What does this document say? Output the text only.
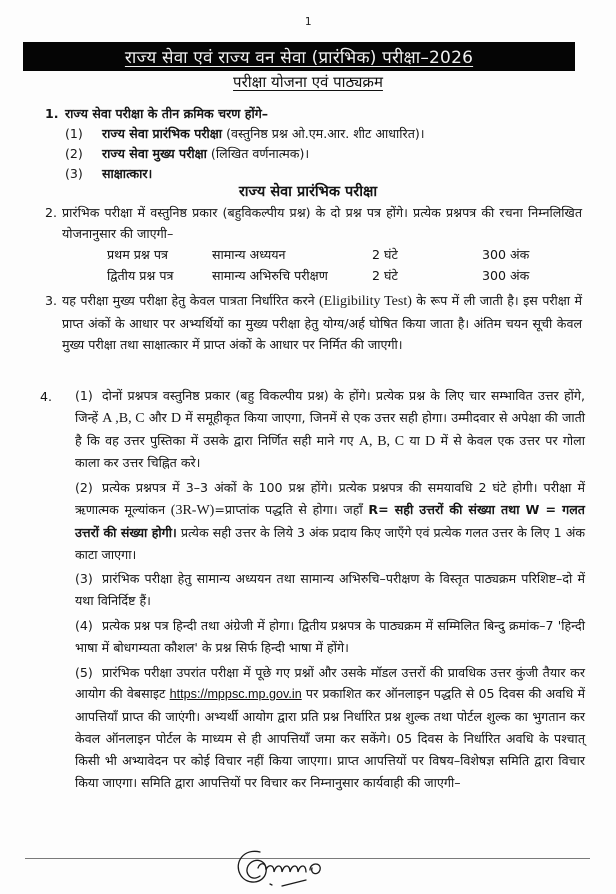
1
राज्य सेवा एवं राज्य वन सेवा (प्रारंभिक) परीक्षा–2026
परीक्षा योजना एवं पाठ्यक्रम
1. राज्य सेवा परीक्षा के तीन क्रमिक चरण होंगे–
(1)	राज्य सेवा प्रारंभिक परीक्षा (वस्तुनिष्ठ प्रश्न ओ.एम.आर. शीट आधारित)।
(2)	राज्य सेवा मुख्य परीक्षा (लिखित वर्णनात्मक)।
(3)	साक्षात्कार।
राज्य सेवा प्रारंभिक परीक्षा
2. प्रारंभिक परीक्षा में वस्तुनिष्ठ प्रकार (बहुविकल्पीय प्रश्न) के दो प्रश्न पत्र होंगे। प्रत्येक प्रश्नपत्र की रचना निम्नलिखित योजनानुसार की जाएगी–
प्रथम प्रश्न पत्र	सामान्य अध्ययन	2 घंटे	300 अंक
द्वितीय प्रश्न पत्र	सामान्य अभिरुचि परीक्षण	2 घंटे	300 अंक
3. यह परीक्षा मुख्य परीक्षा हेतु केवल पात्रता निर्धारित करने (Eligibility Test) के रूप में ली जाती है। इस परीक्षा में प्राप्त अंकों के आधार पर अभ्यर्थियों का मुख्य परीक्षा हेतु योग्य/अर्ह घोषित किया जाता है। अंतिम चयन सूची केवल मुख्य परीक्षा तथा साक्षात्कार में प्राप्त अंकों के आधार पर निर्मित की जाएगी।
4. (1) दोनों प्रश्नपत्र वस्तुनिष्ठ प्रकार (बहु विकल्पीय प्रश्न) के होंगे। प्रत्येक प्रश्न के लिए चार सम्भावित उत्तर होंगे, जिन्हें A ,B, C और D में समूहीकृत किया जाएगा, जिनमें से एक उत्तर सही होगा। उम्मीदवार से अपेक्षा की जाती है कि वह उत्तर पुस्तिका में उसके द्वारा निर्णित सही माने गए A, B, C या D में से केवल एक उत्तर पर गोला काला कर उत्तर चिह्नित करे।
(2) प्रत्येक प्रश्नपत्र में 3–3 अंकों के 100 प्रश्न होंगे। प्रत्येक प्रश्नपत्र की समयावधि 2 घंटे होगी। परीक्षा में ऋणात्मक मूल्यांकन (3R-W)=प्राप्तांक पद्धति से होगा। जहाँ R= सही उत्तरों की संख्या तथा W = गलत उत्तरों की संख्या होगी। प्रत्येक सही उत्तर के लिये 3 अंक प्रदाय किए जाएँगे एवं प्रत्येक गलत उत्तर के लिए 1 अंक काटा जाएगा।
(3) प्रारंभिक परीक्षा हेतु सामान्य अध्ययन तथा सामान्य अभिरुचि–परीक्षण के विस्तृत पाठ्यक्रम परिशिष्ट–दो में यथा विनिर्दिष्ट हैं।
(4) प्रत्येक प्रश्न पत्र हिन्दी तथा अंग्रेजी में होगा। द्वितीय प्रश्नपत्र के पाठ्यक्रम में सम्मिलित बिन्दु क्रमांक–7 'हिन्दी भाषा में बोधगम्यता कौशल' के प्रश्न सिर्फ हिन्दी भाषा में होंगे।
(5) प्रारंभिक परीक्षा उपरांत परीक्षा में पूछे गए प्रश्नों और उसके मॉडल उत्तरों की प्रावधिक उत्तर कुंजी तैयार कर आयोग की वेबसाइट https://mppsc.mp.gov.in पर प्रकाशित कर ऑनलाइन पद्धति से 05 दिवस की अवधि में आपत्तियाँ प्राप्त की जाएंगी। अभ्यर्थी आयोग द्वारा प्रति प्रश्न निर्धारित प्रश्न शुल्क तथा पोर्टल शुल्क का भुगतान कर केवल ऑनलाइन पोर्टल के माध्यम से ही आपत्तियाँ जमा कर सकेंगे। 05 दिवस के निर्धारित अवधि के पश्चात् किसी भी अभ्यावेदन पर कोई विचार नहीं किया जाएगा। प्राप्त आपत्तियों पर विषय–विशेषज्ञ समिति द्वारा विचार किया जाएगा। समिति द्वारा आपत्तियों पर विचार कर निम्नानुसार कार्यवाही की जाएगी–
